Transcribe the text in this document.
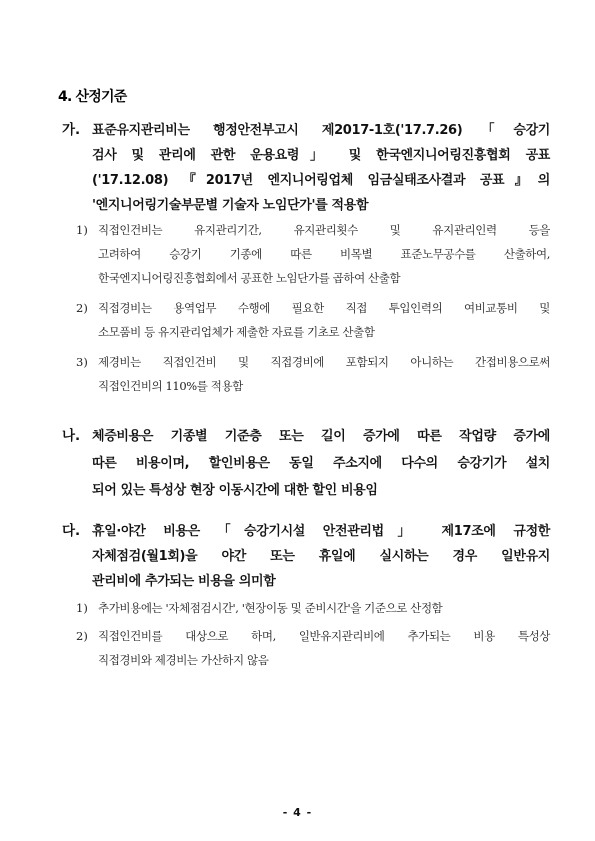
4. 산정기준
가. 표준유지관리비는 행정안전부고시 제2017-1호('17.7.26)「승강기
검사 및 관리에 관한 운용요령」 및 한국엔지니어링진흥협회 공표
('17.12.08) 『2017년 엔지니어링업체 임금실태조사결과 공표』의
'엔지니어링기술부문별 기술자 노임단가'를 적용함
1) 직접인건비는 유지관리기간, 유지관리횟수 및 유지관리인력 등을
고려하여 승강기 기종에 따른 비목별 표준노무공수를 산출하여,
한국엔지니어링진흥협회에서 공표한 노임단가를 곱하여 산출함
2) 직접경비는 용역업무 수행에 필요한 직접 투입인력의 여비교통비 및
소모품비 등 유지관리업체가 제출한 자료를 기초로 산출함
3) 제경비는 직접인건비 및 직접경비에 포함되지 아니하는 간접비용으로써
직접인건비의 110%를 적용함
나. 체증비용은 기종별 기준층 또는 길이 증가에 따른 작업량 증가에
따른 비용이며, 할인비용은 동일 주소지에 다수의 승강기가 설치
되어 있는 특성상 현장 이동시간에 대한 할인 비용임
다. 휴일·야간 비용은 「승강기시설 안전관리법」 제17조에 규정한
자체점검(월1회)을 야간 또는 휴일에 실시하는 경우 일반유지
관리비에 추가되는 비용을 의미함
1) 추가비용에는 '자체점검시간', '현장이동 및 준비시간'을 기준으로 산정함
2) 직접인건비를 대상으로 하며, 일반유지관리비에 추가되는 비용 특성상
직접경비와 제경비는 가산하지 않음
- 4 -
